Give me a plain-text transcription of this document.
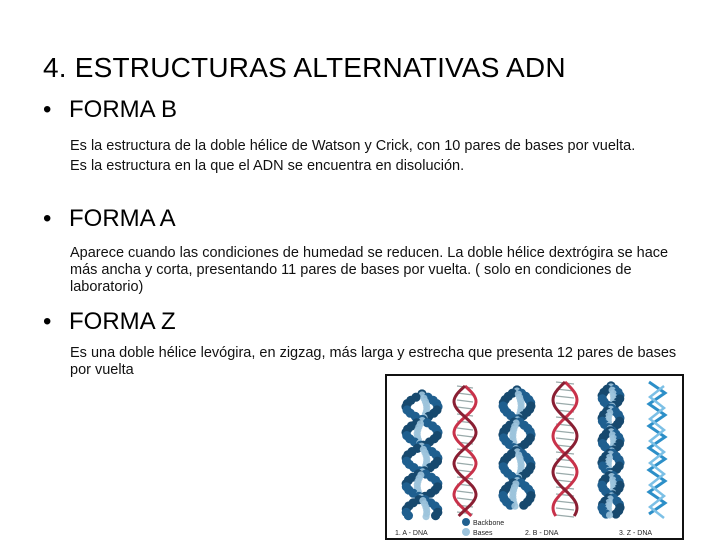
4. ESTRUCTURAS ALTERNATIVAS ADN
• FORMA B

Es la estructura de la doble hélice de Watson y Crick, con 10 pares de bases por vuelta.

Es la estructura en la que el ADN se encuentra en disolución.

• FORMA A

Aparece cuando las condiciones de humedad se reducen. La doble hélice dextrógira se hace más ancha y corta, presentando 11 pares de bases por vuelta. ( solo en condiciones de laboratorio)

• FORMA Z

Es una doble hélice levógira, en zigzag, más larga y estrecha que presenta 12 pares de bases por vuelta

Backbone
Bases
1. A - DNA	2. B - DNA	3. Z - DNA
